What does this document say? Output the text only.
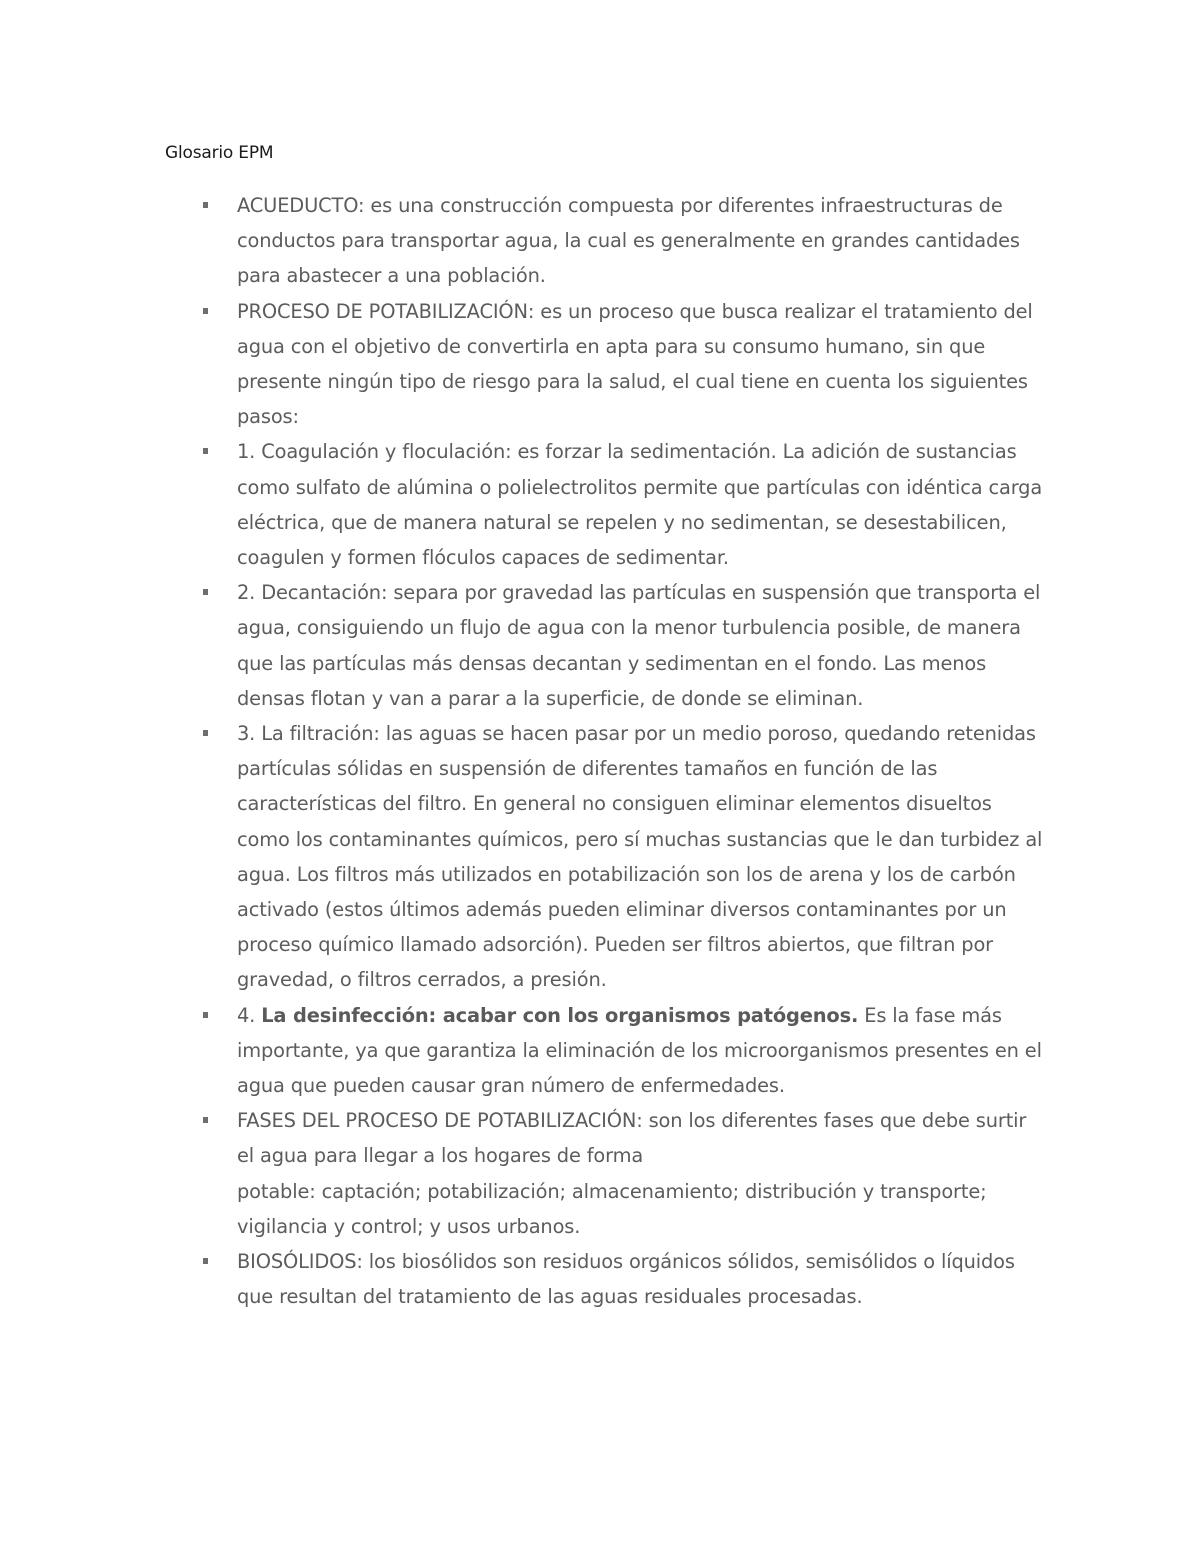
Glosario EPM
ACUEDUCTO: es una construcción compuesta por diferentes infraestructuras de conductos para transportar agua, la cual es generalmente en grandes cantidades para abastecer a una población.
PROCESO DE POTABILIZACIÓN: es un proceso que busca realizar el tratamiento del agua con el objetivo de convertirla en apta para su consumo humano, sin que presente ningún tipo de riesgo para la salud, el cual tiene en cuenta los siguientes pasos:
1. Coagulación y floculación: es forzar la sedimentación. La adición de sustancias como sulfato de alúmina o polielectrolitos permite que partículas con idéntica carga eléctrica, que de manera natural se repelen y no sedimentan, se desestabilicen, coagulen y formen flóculos capaces de sedimentar.
2. Decantación: separa por gravedad las partículas en suspensión que transporta el agua, consiguiendo un flujo de agua con la menor turbulencia posible, de manera que las partículas más densas decantan y sedimentan en el fondo. Las menos densas flotan y van a parar a la superficie, de donde se eliminan.
3. La filtración: las aguas se hacen pasar por un medio poroso, quedando retenidas partículas sólidas en suspensión de diferentes tamaños en función de las características del filtro. En general no consiguen eliminar elementos disueltos como los contaminantes químicos, pero sí muchas sustancias que le dan turbidez al agua. Los filtros más utilizados en potabilización son los de arena y los de carbón activado (estos últimos además pueden eliminar diversos contaminantes por un proceso químico llamado adsorción). Pueden ser filtros abiertos, que filtran por gravedad, o filtros cerrados, a presión.
4. La desinfección: acabar con los organismos patógenos. Es la fase más importante, ya que garantiza la eliminación de los microorganismos presentes en el agua que pueden causar gran número de enfermedades.
FASES DEL PROCESO DE POTABILIZACIÓN: son los diferentes fases que debe surtir el agua para llegar a los hogares de forma
potable: captación; potabilización; almacenamiento; distribución y transporte; vigilancia y control; y usos urbanos.
BIOSÓLIDOS: los biosólidos son residuos orgánicos sólidos, semisólidos o líquidos que resultan del tratamiento de las aguas residuales procesadas.
